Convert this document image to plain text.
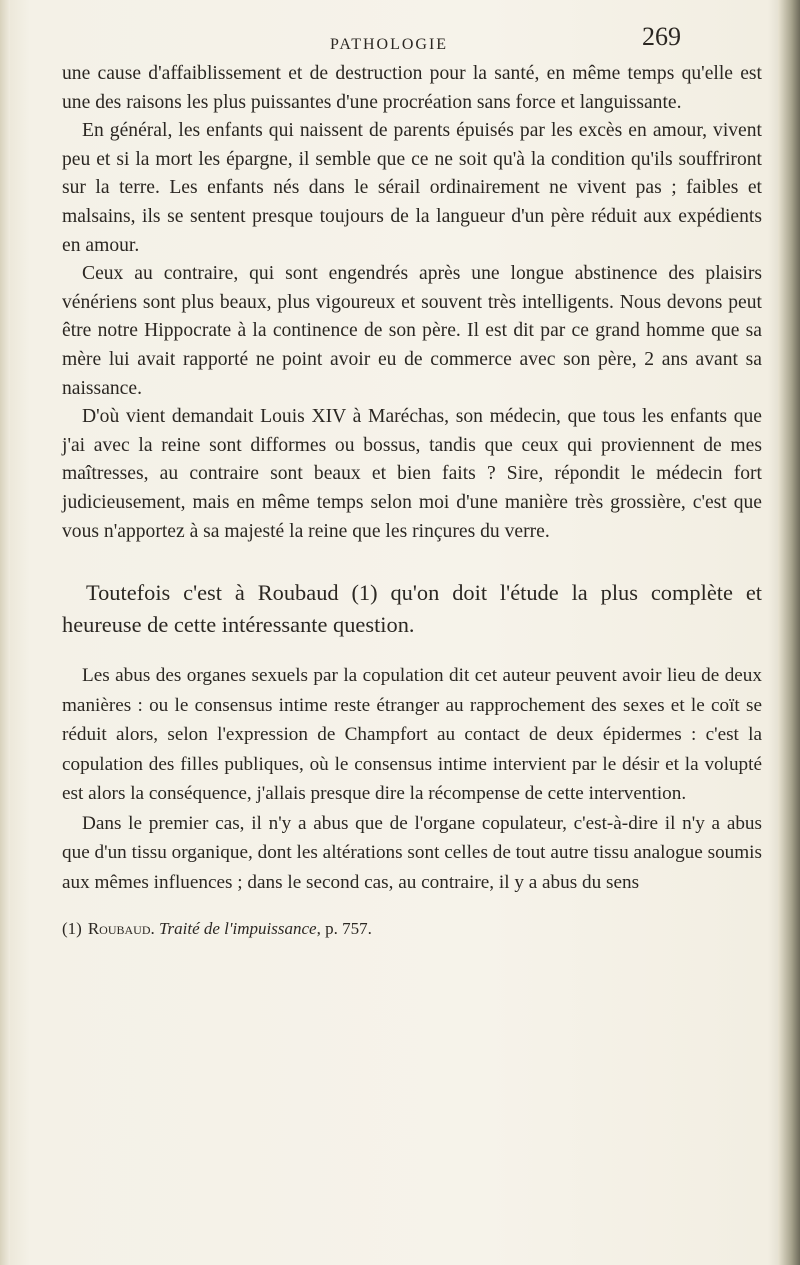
PATHOLOGIE	269

une cause d'affaiblissement et de destruction pour la santé, en même temps qu'elle est une des raisons les plus puissantes d'une procréation sans force et languissante.

En général, les enfants qui naissent de parents épuisés par les excès en amour, vivent peu et si la mort les épargne, il semble que ce ne soit qu'à la condition qu'ils souffriront sur la terre. Les enfants nés dans le sérail ordinairement ne vivent pas ; faibles et malsains, ils se sentent presque toujours de la langueur d'un père réduit aux expédients en amour.

Ceux au contraire, qui sont engendrés après une longue abstinence des plaisirs vénériens sont plus beaux, plus vigoureux et souvent très intelligents. Nous devons peut être notre Hippocrate à la continence de son père. Il est dit par ce grand homme que sa mère lui avait rapporté ne point avoir eu de commerce avec son père, 2 ans avant sa naissance.

D'où vient demandait Louis XIV à Maréchas, son médecin, que tous les enfants que j'ai avec la reine sont difformes ou bossus, tandis que ceux qui proviennent de mes maîtresses, au contraire sont beaux et bien faits ? Sire, répondit le médecin fort judicieusement, mais en même temps selon moi d'une manière très grossière, c'est que vous n'apportez à sa majesté la reine que les rinçures du verre.

Toutefois c'est à Roubaud (1) qu'on doit l'étude la plus complète et heureuse de cette intéressante question.

Les abus des organes sexuels par la copulation dit cet auteur peuvent avoir lieu de deux manières : ou le consensus intime reste étranger au rapprochement des sexes et le coït se réduit alors, selon l'expression de Champfort au contact de deux épidermes : c'est la copulation des filles publiques, où le consensus intime intervient par le désir et la volupté est alors la conséquence, j'allais presque dire la récompense de cette intervention.

Dans le premier cas, il n'y a abus que de l'organe copulateur, c'est-à-dire il n'y a abus que d'un tissu organique, dont les altérations sont celles de tout autre tissu analogue soumis aux mêmes influences ; dans le second cas, au contraire, il y a abus du sens

(1) Roubaud. Traité de l'impuissance, p. 757.
